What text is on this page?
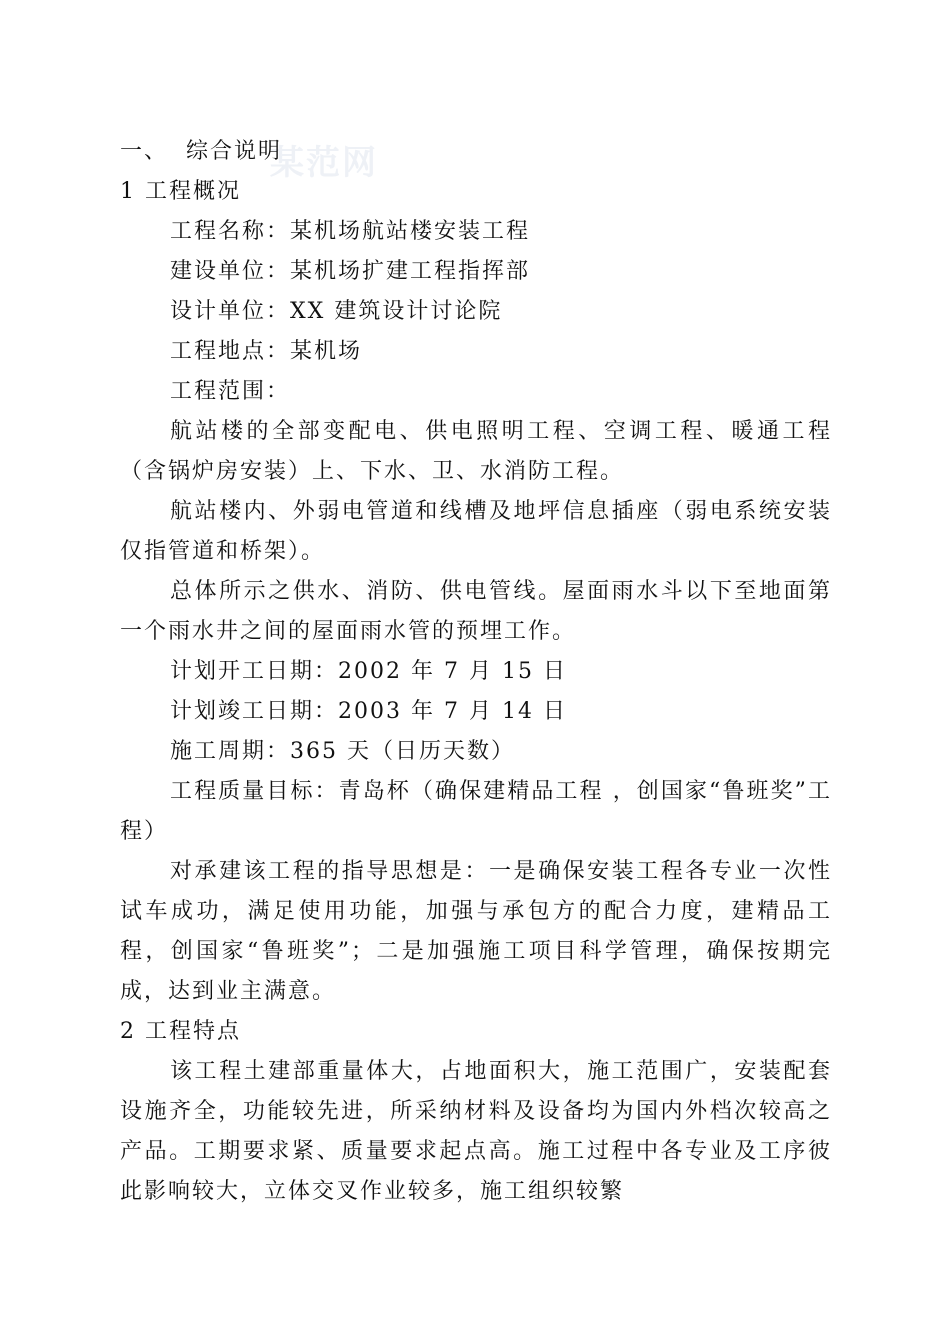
某范网
一、 综合说明
1 工程概况
工程名称：某机场航站楼安装工程
建设单位：某机场扩建工程指挥部
设计单位：XX 建筑设计讨论院
工程地点：某机场
工程范围：
航站楼的全部变配电、供电照明工程、空调工程、暖通工程（含锅炉房安装）上、下水、卫、水消防工程。
航站楼内、外弱电管道和线槽及地坪信息插座（弱电系统安装仅指管道和桥架）。
总体所示之供水、消防、供电管线。屋面雨水斗以下至地面第一个雨水井之间的屋面雨水管的预埋工作。
计划开工日期：2002 年 7 月 15 日
计划竣工日期：2003 年 7 月 14 日
施工周期：365 天（日历天数）
工程质量目标：青岛杯（确保建精品工程 ，创国家“鲁班奖”工程）
对承建该工程的指导思想是：一是确保安装工程各专业一次性试车成功，满足使用功能，加强与承包方的配合力度，建精品工程，创国家“鲁班奖”；二是加强施工项目科学管理，确保按期完成，达到业主满意。
2 工程特点
该工程土建部重量体大，占地面积大，施工范围广，安装配套设施齐全，功能较先进，所采纳材料及设备均为国内外档次较高之产品。工期要求紧、质量要求起点高。施工过程中各专业及工序彼此影响较大，立体交叉作业较多，施工组织较繁
